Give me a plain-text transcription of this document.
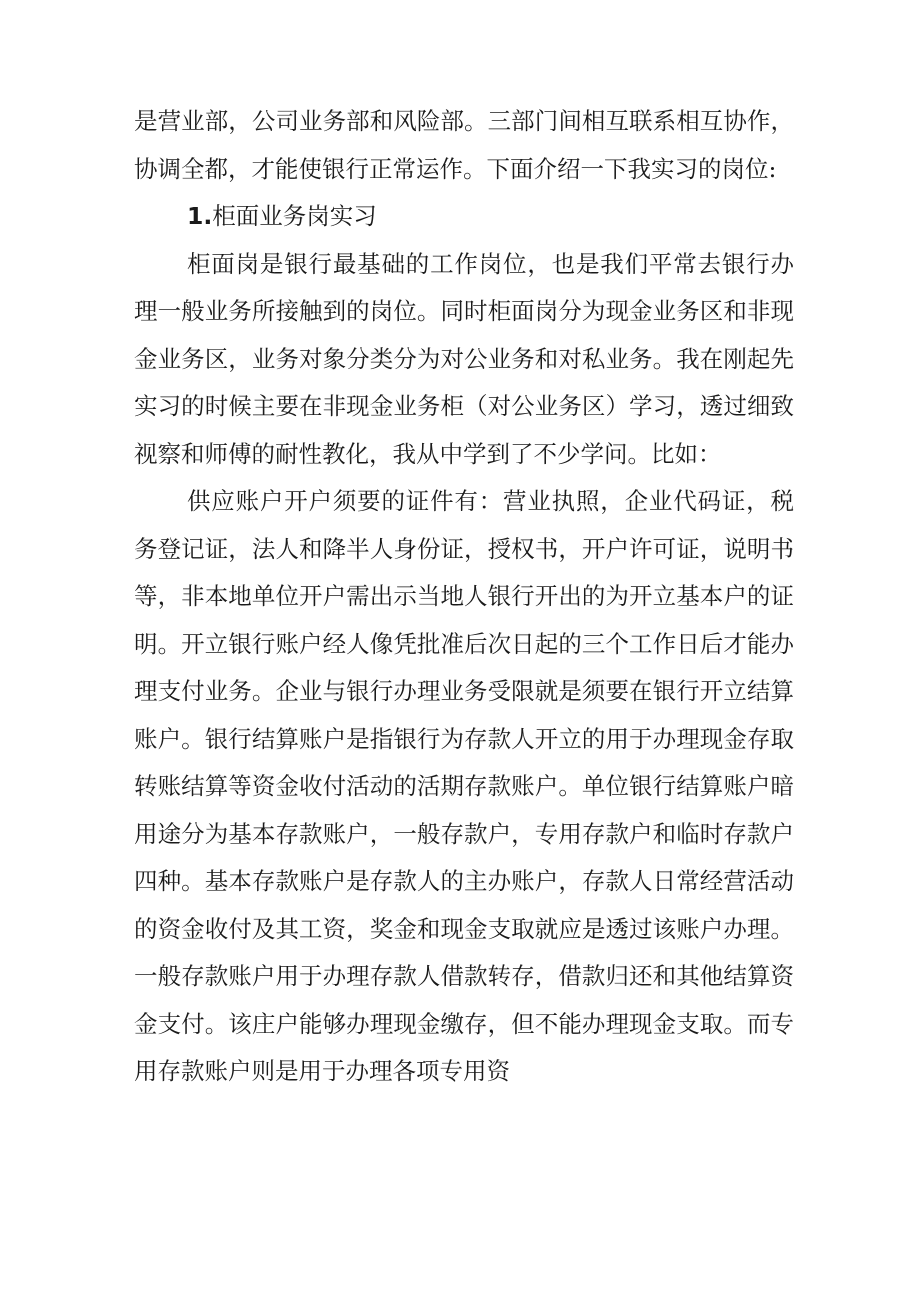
是营业部，公司业务部和风险部。三部门间相互联系相互协作，协调全都，才能使银行正常运作。下面介绍一下我实习的岗位:

1.柜面业务岗实习

柜面岗是银行最基础的工作岗位，也是我们平常去银行办理一般业务所接触到的岗位。同时柜面岗分为现金业务区和非现金业务区，业务对象分类分为对公业务和对私业务。我在刚起先实习的时候主要在非现金业务柜（对公业务区）学习，透过细致视察和师傅的耐性教化，我从中学到了不少学问。比如：

供应账户开户须要的证件有：营业执照，企业代码证，税务登记证，法人和降半人身份证，授权书，开户许可证，说明书等，非本地单位开户需出示当地人银行开出的为开立基本户的证明。开立银行账户经人像凭批准后次日起的三个工作日后才能办理支付业务。企业与银行办理业务受限就是须要在银行开立结算账户。银行结算账户是指银行为存款人开立的用于办理现金存取转账结算等资金收付活动的活期存款账户。单位银行结算账户暗用途分为基本存款账户，一般存款户，专用存款户和临时存款户四种。基本存款账户是存款人的主办账户，存款人日常经营活动的资金收付及其工资，奖金和现金支取就应是透过该账户办理。一般存款账户用于办理存款人借款转存，借款归还和其他结算资金支付。该庄户能够办理现金缴存，但不能办理现金支取。而专用存款账户则是用于办理各项专用资
